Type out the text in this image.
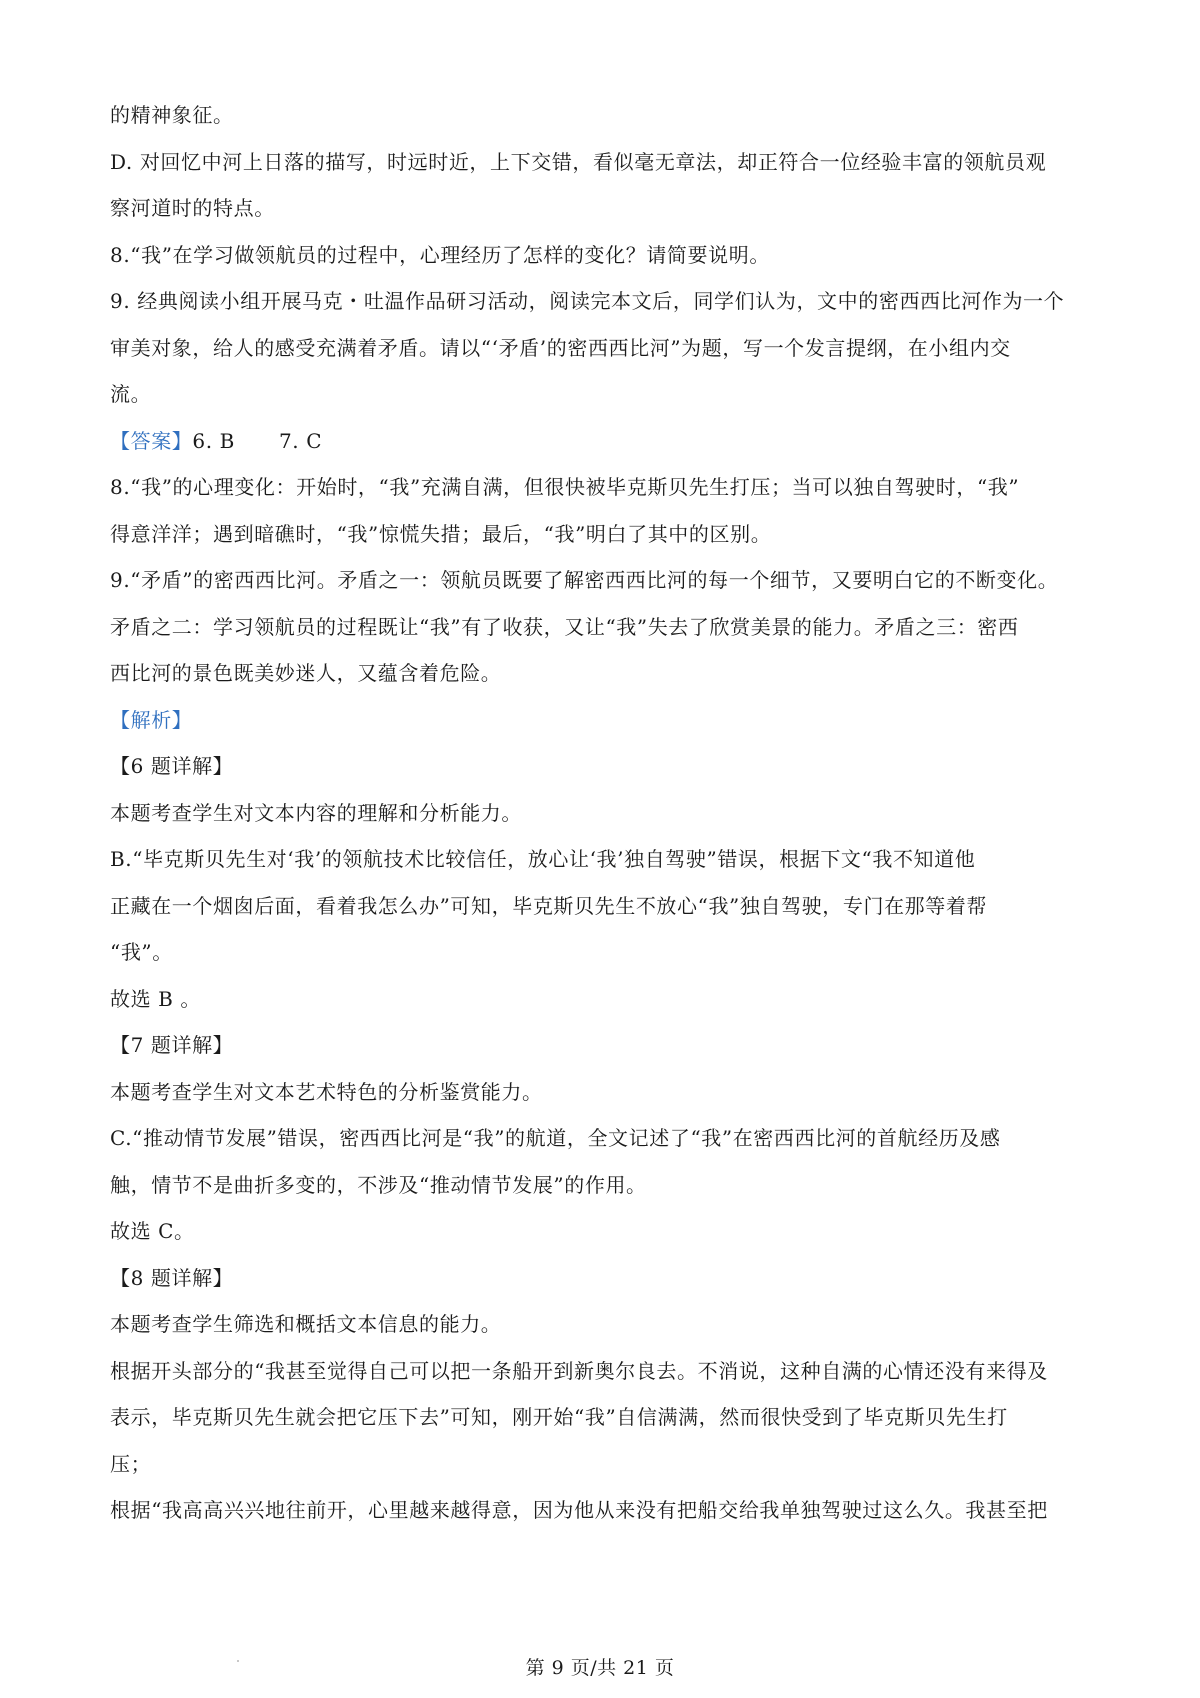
的精神象征。
D. 对回忆中河上日落的描写，时远时近，上下交错，看似毫无章法，却正符合一位经验丰富的领航员观
察河道时的特点。
8.“我”在学习做领航员的过程中，心理经历了怎样的变化？请简要说明。
9. 经典阅读小组开展马克・吐温作品研习活动，阅读完本文后，同学们认为，文中的密西西比河作为一个
审美对象，给人的感受充满着矛盾。请以“‘矛盾’的密西西比河”为题，写一个发言提纲，在小组内交
流。
【答案】6. B 7. C
8.“我”的心理变化：开始时，“我”充满自满，但很快被毕克斯贝先生打压；当可以独自驾驶时，“我”
得意洋洋；遇到暗礁时，“我”惊慌失措；最后，“我”明白了其中的区别。
9.“矛盾”的密西西比河。矛盾之一：领航员既要了解密西西比河的每一个细节，又要明白它的不断变化。
矛盾之二：学习领航员的过程既让“我”有了收获，又让“我”失去了欣赏美景的能力。矛盾之三：密西
西比河的景色既美妙迷人，又蕴含着危险。
【解析】
【6 题详解】
本题考查学生对文本内容的理解和分析能力。
B.“毕克斯贝先生对‘我’的领航技术比较信任，放心让‘我’独自驾驶”错误，根据下文“我不知道他
正藏在一个烟囱后面，看着我怎么办”可知，毕克斯贝先生不放心“我”独自驾驶，专门在那等着帮
“我”。
故选 B 。
【7 题详解】
本题考查学生对文本艺术特色的分析鉴赏能力。
C.“推动情节发展”错误，密西西比河是“我”的航道，全文记述了“我”在密西西比河的首航经历及感
触，情节不是曲折多变的，不涉及“推动情节发展”的作用。
故选 C。
【8 题详解】
本题考查学生筛选和概括文本信息的能力。
根据开头部分的“我甚至觉得自己可以把一条船开到新奥尔良去。不消说，这种自满的心情还没有来得及
表示，毕克斯贝先生就会把它压下去”可知，刚开始“我”自信满满，然而很快受到了毕克斯贝先生打
压；
根据“我高高兴兴地往前开，心里越来越得意，因为他从来没有把船交给我单独驾驶过这么久。我甚至把
第 9 页/共 21 页
